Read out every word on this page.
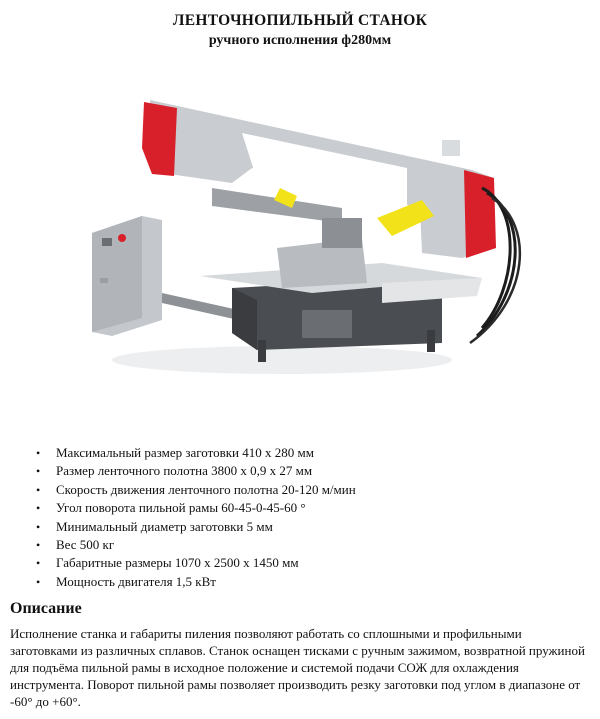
ЛЕНТОЧНОПИЛЬНЫЙ СТАНОК
ручного исполнения ф280мм
• Максимальный размер заготовки 410 х 280 мм
• Размер ленточного полотна 3800 х 0,9 х 27 мм
• Скорость движения ленточного полотна 20-120 м/мин
• Угол поворота пильной рамы 60-45-0-45-60 °
• Минимальный диаметр заготовки 5 мм
• Вес 500 кг
• Габаритные размеры 1070 х 2500 х 1450 мм
• Мощность двигателя 1,5 кВт
Описание

Исполнение станка и габариты пиления позволяют работать со сплошными и профильными заготовками из различных сплавов. Станок оснащен тисками с ручным зажимом, возвратной пружиной для подъёма пильной рамы в исходное положение и системой подачи СОЖ для охлаждения инструмента. Поворот пильной рамы позволяет производить резку заготовки под углом в диапазоне от -60° до +60°.
